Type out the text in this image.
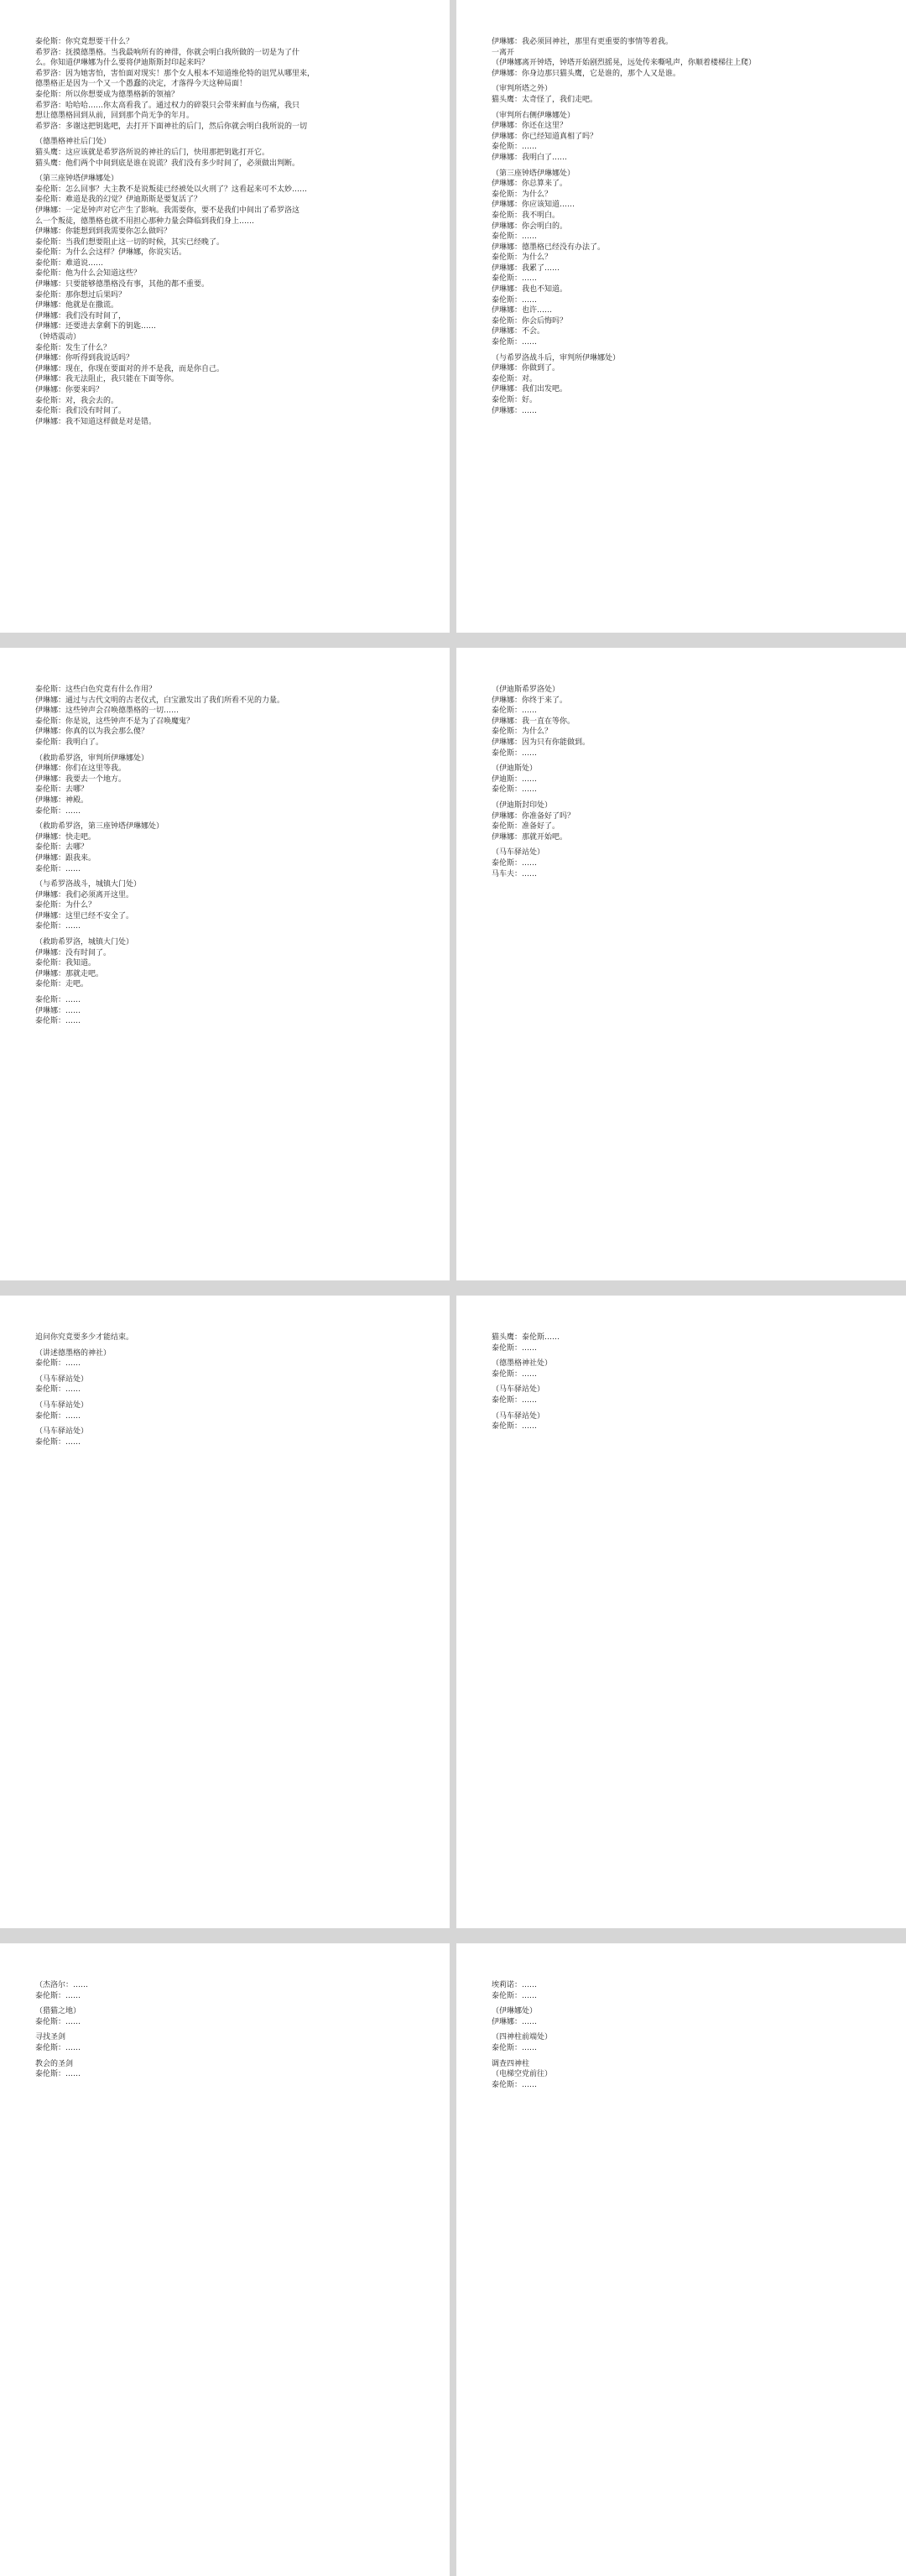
泰伦斯：你究竟想要干什么？
希罗洛：抚摸德墨格。当我最响所有的神徘，你就会明白我所做的一切是为了什
么。你知道伊琳娜为什么要将伊迪斯斯封印起来吗？
希罗洛：因为她害怕，害怕面对现实！那个女人根本不知道维伦特的诅咒从哪里来，
德墨格正是因为一个又一个愚蠢的决定，才落得今天这种局面！
泰伦斯：所以你想要成为德墨格新的领袖？
希罗洛：哈哈哈……你太高看我了。通过权力的碎裂只会带来鲜血与伤痛，我只
想让德墨格回到从前，回到那个尚无争的年月。
希罗洛：多谢这把钥匙吧，去打开下面神社的后门，然后你就会明白我所说的一切
（德墨格神社后门处）
猫头鹰：这应该就是希罗洛所说的神社的后门，快用那把钥匙打开它。
猫头鹰：他们两个中间到底是谁在说谎？我们没有多少时间了，必须做出判断。
（第三座钟塔伊琳娜处）
泰伦斯：怎么回事？大主教不是说叛徒已经被处以火刑了？这看起来可不太妙……
泰伦斯：难道是我的幻觉？伊迪斯斯是要复活了？
伊琳娜：一定是钟声对它产生了影响。我需要你，要不是我们中间出了希罗洛这
么一个叛徒，德墨格也就不用担心那种力量会降临到我们身上……
伊琳娜：你能想到到我需要你怎么做吗？
泰伦斯：当我们想要阻止这一切的时候，其实已经晚了。
泰伦斯：为什么会这样？伊琳娜，你说实话。
泰伦斯：难道说……
泰伦斯：他为什么会知道这些？
伊琳娜：只要能够德墨格没有事，其他的都不重要。
泰伦斯：那你想过后果吗？
伊琳娜：他就是在撒谎。
伊琳娜：我们没有时间了，
伊琳娜：还要进去拿剩下的钥匙……
（钟塔震动）
泰伦斯：发生了什么？
伊琳娜：你听得到我说话吗？
伊琳娜：现在，你现在要面对的并不是我，而是你自己。
伊琳娜：我无法阻止，我只能在下面等你。
伊琳娜：你要来吗？
泰伦斯：对，我会去的。
泰伦斯：我们没有时间了。
伊琳娜：我不知道这样做是对是错。
伊琳娜：我必须回神社，那里有更重要的事情等着我。
一离开
（伊琳娜离开钟塔，钟塔开始剧烈摇晃，远处传来嘶吼声，你顺着楼梯往上爬）
伊琳娜：你身边那只猫头鹰，它是谁的，那个人又是谁。
（审判所塔之外）
猫头鹰：太奇怪了，我们走吧。
（审判所右侧伊琳娜处）
伊琳娜：你还在这里？
伊琳娜：你已经知道真相了吗？
泰伦斯：……
伊琳娜：我明白了……
（第三座钟塔伊琳娜处）
伊琳娜：你总算来了。
泰伦斯：为什么？
伊琳娜：你应该知道……
泰伦斯：我不明白。
伊琳娜：你会明白的。
泰伦斯：……
伊琳娜：德墨格已经没有办法了。
泰伦斯：为什么？
伊琳娜：我累了……
泰伦斯：……
伊琳娜：我也不知道。
泰伦斯：……
伊琳娜：也许……
泰伦斯：你会后悔吗？
伊琳娜：不会。
泰伦斯：……
（与希罗洛战斗后，审判所伊琳娜处）
伊琳娜：你做到了。
泰伦斯：对。
伊琳娜：我们出发吧。
泰伦斯：好。
伊琳娜：……
泰伦斯：这些白色究竟有什么作用？
伊琳娜：通过与古代文明的古老仪式，白宝澈发出了我们所看不见的力量。
伊琳娜：这些钟声会召唤德墨格的一切……
泰伦斯：你是说，这些钟声不是为了召唤魔鬼？
伊琳娜：你真的以为我会那么傻？
泰伦斯：我明白了。
（救助希罗洛，审判所伊琳娜处）
伊琳娜：你们在这里等我。
伊琳娜：我要去一个地方。
泰伦斯：去哪？
伊琳娜：神殿。
泰伦斯：……
（救助希罗洛，第三座钟塔伊琳娜处）
伊琳娜：快走吧。
泰伦斯：去哪？
伊琳娜：跟我来。
泰伦斯：……
（与希罗洛战斗，城镇大门处）
伊琳娜：我们必须离开这里。
泰伦斯：为什么？
伊琳娜：这里已经不安全了。
泰伦斯：……
（救助希罗洛，城镇大门处）
伊琳娜：没有时间了。
泰伦斯：我知道。
伊琳娜：那就走吧。
泰伦斯：走吧。
泰伦斯：……
伊琳娜：……
泰伦斯：……
（伊迪斯希罗洛处）
伊琳娜：你终于来了。
泰伦斯：……
伊琳娜：我一直在等你。
泰伦斯：为什么？
伊琳娜：因为只有你能做到。
泰伦斯：……
（伊迪斯处）
伊迪斯：……
泰伦斯：……
（伊迪斯封印处）
伊琳娜：你准备好了吗？
泰伦斯：准备好了。
伊琳娜：那就开始吧。
（马车驿站处）
泰伦斯：……
马车夫：……
追问你究竟要多少才能结束。
（讲述德墨格的神社）
泰伦斯：……
（马车驿站处）
泰伦斯：……
（马车驿站处）
泰伦斯：……
（马车驿站处）
泰伦斯：……
猫头鹰：泰伦斯……
泰伦斯：……
（德墨格神社处）
泰伦斯：……
（马车驿站处）
泰伦斯：……
（马车驿站处）
泰伦斯：……
（杰洛尔：……
泰伦斯：……
（猎猫之地）
泰伦斯：……
寻找圣剑
泰伦斯：……
教会的圣剑
泰伦斯：……
埃莉诺：……
泰伦斯：……
（伊琳娜处）
伊琳娜：……
（四神柱前端处）
泰伦斯：……
调查四神柱
（电梯空党前往）
泰伦斯：……
